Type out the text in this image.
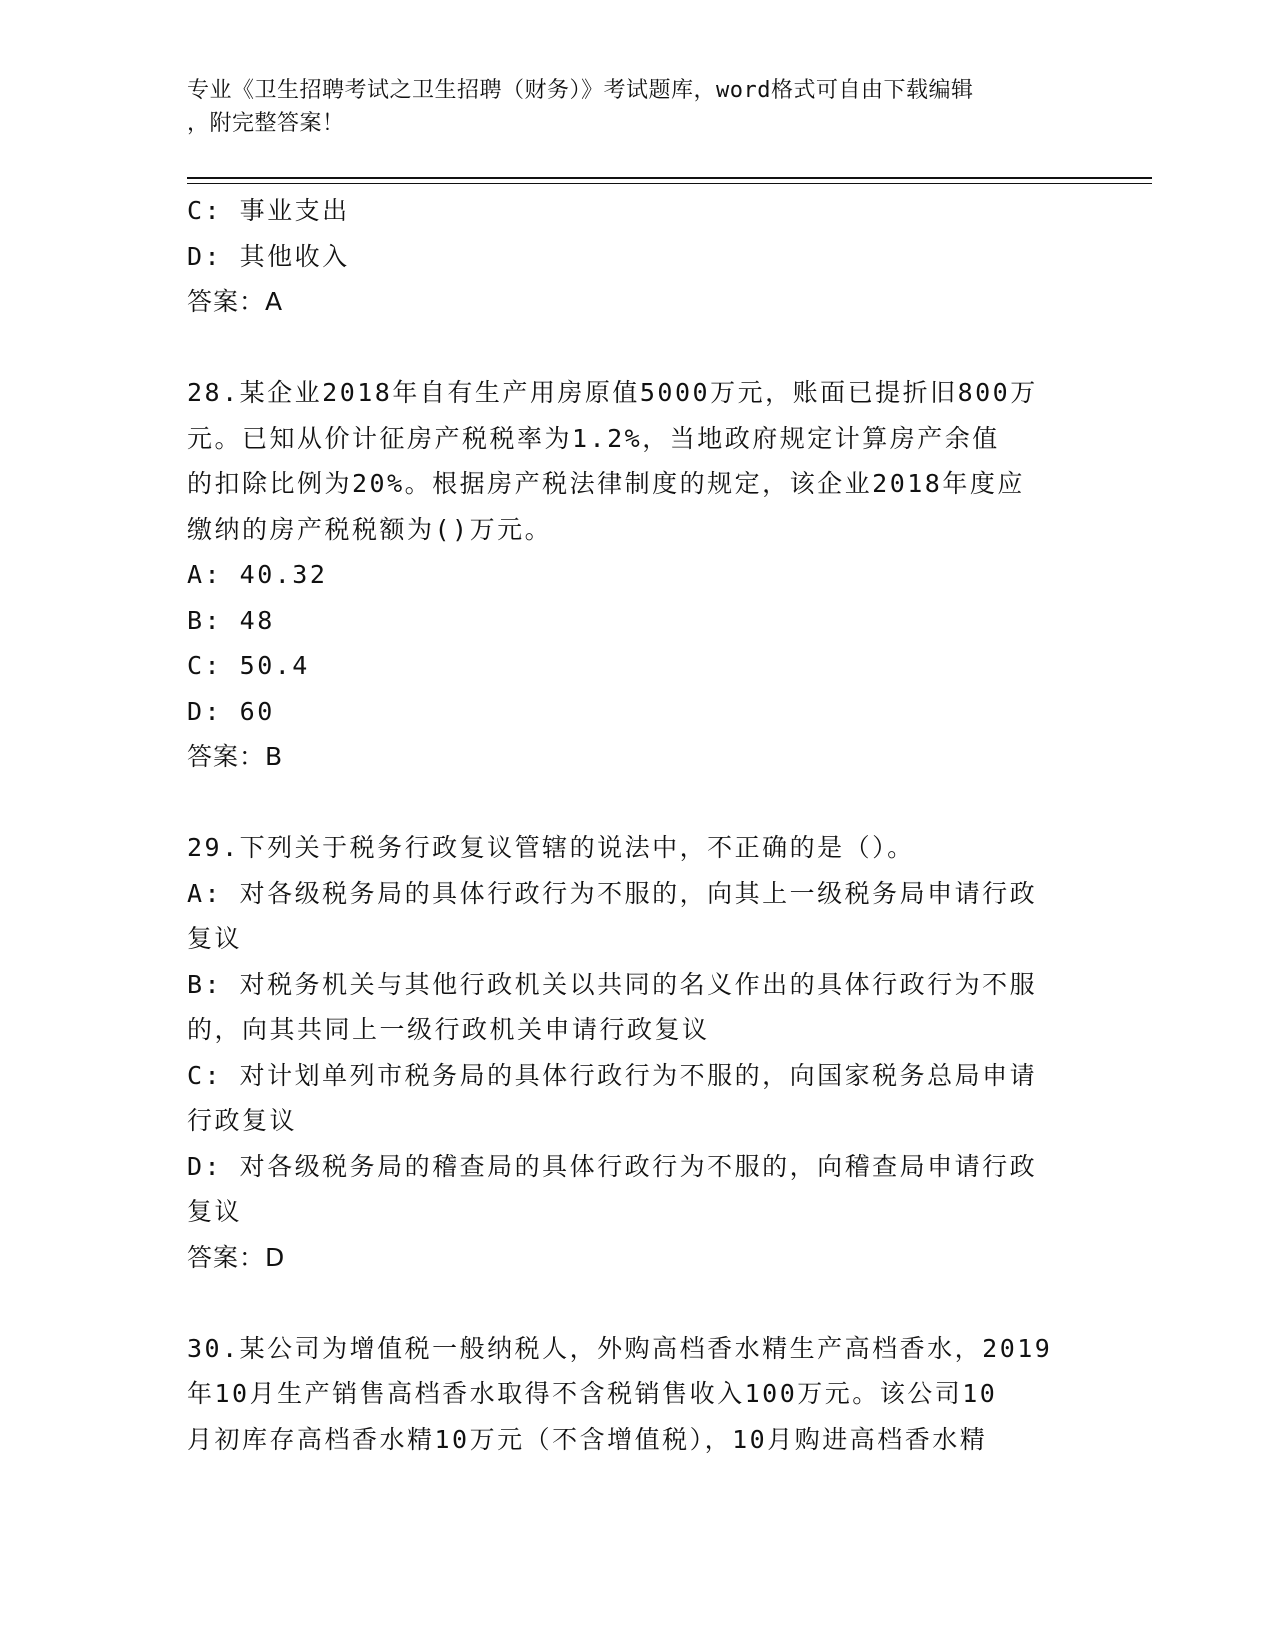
专业《卫生招聘考试之卫生招聘（财务）》考试题库，word格式可自由下载编辑
，附完整答案！
C: 事业支出
D: 其他收入
答案：A
28.某企业2018年自有生产用房原值5000万元，账面已提折旧800万
元。已知从价计征房产税税率为1.2%，当地政府规定计算房产余值
的扣除比例为20%。根据房产税法律制度的规定，该企业2018年度应
缴纳的房产税税额为()万元。
A: 40.32
B: 48
C: 50.4
D: 60
答案：B
29.下列关于税务行政复议管辖的说法中，不正确的是（）。
A: 对各级税务局的具体行政行为不服的，向其上一级税务局申请行政
复议
B: 对税务机关与其他行政机关以共同的名义作出的具体行政行为不服
的，向其共同上一级行政机关申请行政复议
C: 对计划单列市税务局的具体行政行为不服的，向国家税务总局申请
行政复议
D: 对各级税务局的稽查局的具体行政行为不服的，向稽查局申请行政
复议
答案：D
30.某公司为增值税一般纳税人，外购高档香水精生产高档香水，2019
年10月生产销售高档香水取得不含税销售收入100万元。该公司10
月初库存高档香水精10万元（不含增值税），10月购进高档香水精
